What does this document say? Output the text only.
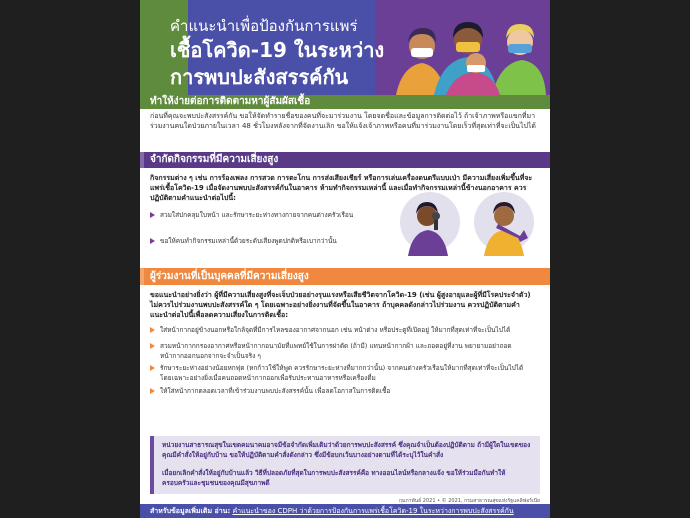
คำแนะนำเพื่อป้องกันการแพร่
เชื้อโควิด-19 ในระหว่าง
การพบปะสังสรรค์กัน
ทำให้ง่ายต่อการติดตามหาผู้สัมผัสเชื้อ
ก่อนที่คุณจะพบปะสังสรรค์กัน ขอให้จัดทำรายชื่อของคนที่จะมาร่วมงาน โดยจดชื่อและข้อมูลการติดต่อไว้ ถ้าเจ้าภาพหรือแขกที่มาร่วมงานคนใดป่วยภายในเวลา 48 ชั่วโมงหลังจากที่จัดงานเลิก ขอให้แจ้งเจ้าภาพหรือคนที่มาร่วมงานโดยเร็วที่สุดเท่าที่จะเป็นไปได้
จำกัดกิจกรรมที่มีความเสี่ยงสูง
กิจกรรมต่าง ๆ เช่น การร้องเพลง การสวด การตะโกน การส่งเสียงเชียร์ หรือการเล่นเครื่องดนตรีแบบเป่า มีความเสี่ยงเพิ่มขึ้นที่จะแพร่เชื้อโควิด-19 เมื่อจัดงานพบปะสังสรรค์กันในอาคาร ห้ามทำกิจกรรมเหล่านี้ และเมื่อทำกิจกรรมเหล่านี้ข้างนอกอาคาร ควรปฏิบัติตามคำแนะนำต่อไปนี้:
สวมใส่ปกคลุมใบหน้า และรักษาระยะห่างทางกายจากคนต่างครัวเรือน
ขอให้คนทำกิจกรรมเหล่านี้ด้วยระดับเสียงพูดปกติหรือเบากว่านั้น
ผู้ร่วมงานที่เป็นบุคคลที่มีความเสี่ยงสูง
ขอแนะนำอย่างยิ่งว่า ผู้ที่มีความเสี่ยงสูงที่จะเจ็บป่วยอย่างรุนแรงหรือเสียชีวิตจากโควิด-19 (เช่น ผู้สูงอายุและผู้ที่มีโรคประจำตัว) ไม่ควรไปร่วมงานพบปะสังสรรค์ใด ๆ โดยเฉพาะอย่างยิ่งงานที่จัดขึ้นในอาคาร ถ้าบุคคลดังกล่าวไปร่วมงาน ควรปฏิบัติตามคำแนะนำต่อไปนี้เพื่อลดความเสี่ยงในการติดเชื้อ:
ใส่หน้ากากอยู่ข้างนอกหรือใกล้จุดที่มีการไหลของอากาศจากนอก เช่น หน้าต่าง หรือประตูที่เปิดอยู่ ให้มากที่สุดเท่าที่จะเป็นไปได้
สวมหน้ากากกรองอากาศหรือหน้ากากอนามัยที่แพทย์ใช้ในการผ่าตัด (ถ้ามี) แทนหน้ากากผ้า และถอดอยู่ที่งาน พยายามอย่าถอดหน้ากากออกนอกจากจะจำเป็นจริง ๆ
รักษาระยะห่างอย่างน้อยหกฟุต (หกก้าวใช้ให้พูด ควรรักษาระยะห่างที่มากกว่านั้น) จากคนต่างครัวเรือนให้มากที่สุดเท่าที่จะเป็นไปได้ โดยเฉพาะอย่างยิ่งเมื่อคนถอดหน้ากากออกเพื่อรับประทานอาหารหรือเครื่องดื่ม
ให้ใส่หน้ากากตลอดเวลาที่เข้าร่วมงานพบปะสังสรรค์นั้น เพื่อลดโอกาสในการติดเชื้อ
หน่วยงานสาธารณสุขในเขตคมนาคมอาจมีข้อจำกัดเพิ่มเติมว่าด้วยการพบปะสังสรรค์ ซึ่งคุณจำเป็นต้องปฏิบัติตาม ถ้ามีผู้ใดในเขตของคุณมีคำสั่งให้อยู่กับบ้าน ขอให้ปฏิบัติตามคำสั่งดังกล่าว ซึ่งมีข้อบกเว้นบางอย่างตามที่ได้ระบุไว้ในคำสั่ง
เมื่อยกเลิกคำสั่งให้อยู่กับบ้านแล้ว วิธีที่ปลอดภัยที่สุดในการพบปะสังสรรค์คือ ทางออนไลน์หรือกลางแจ้ง ขอให้ร่วมมือกันทำให้ครอบครัวและชุมชนของคุณมีสุขภาพดี
กุมภาพันธ์ 2021 • © 2021, กรมสาธารณสุขแห่งรัฐแคลิฟอร์เนีย
สำหรับข้อมูลเพิ่มเติม อ่าน: คำแนะนำของ CDPH ว่าด้วยการป้องกันการแพร่เชื้อโควิด-19 ในระหว่างการพบปะสังสรรค์กัน
